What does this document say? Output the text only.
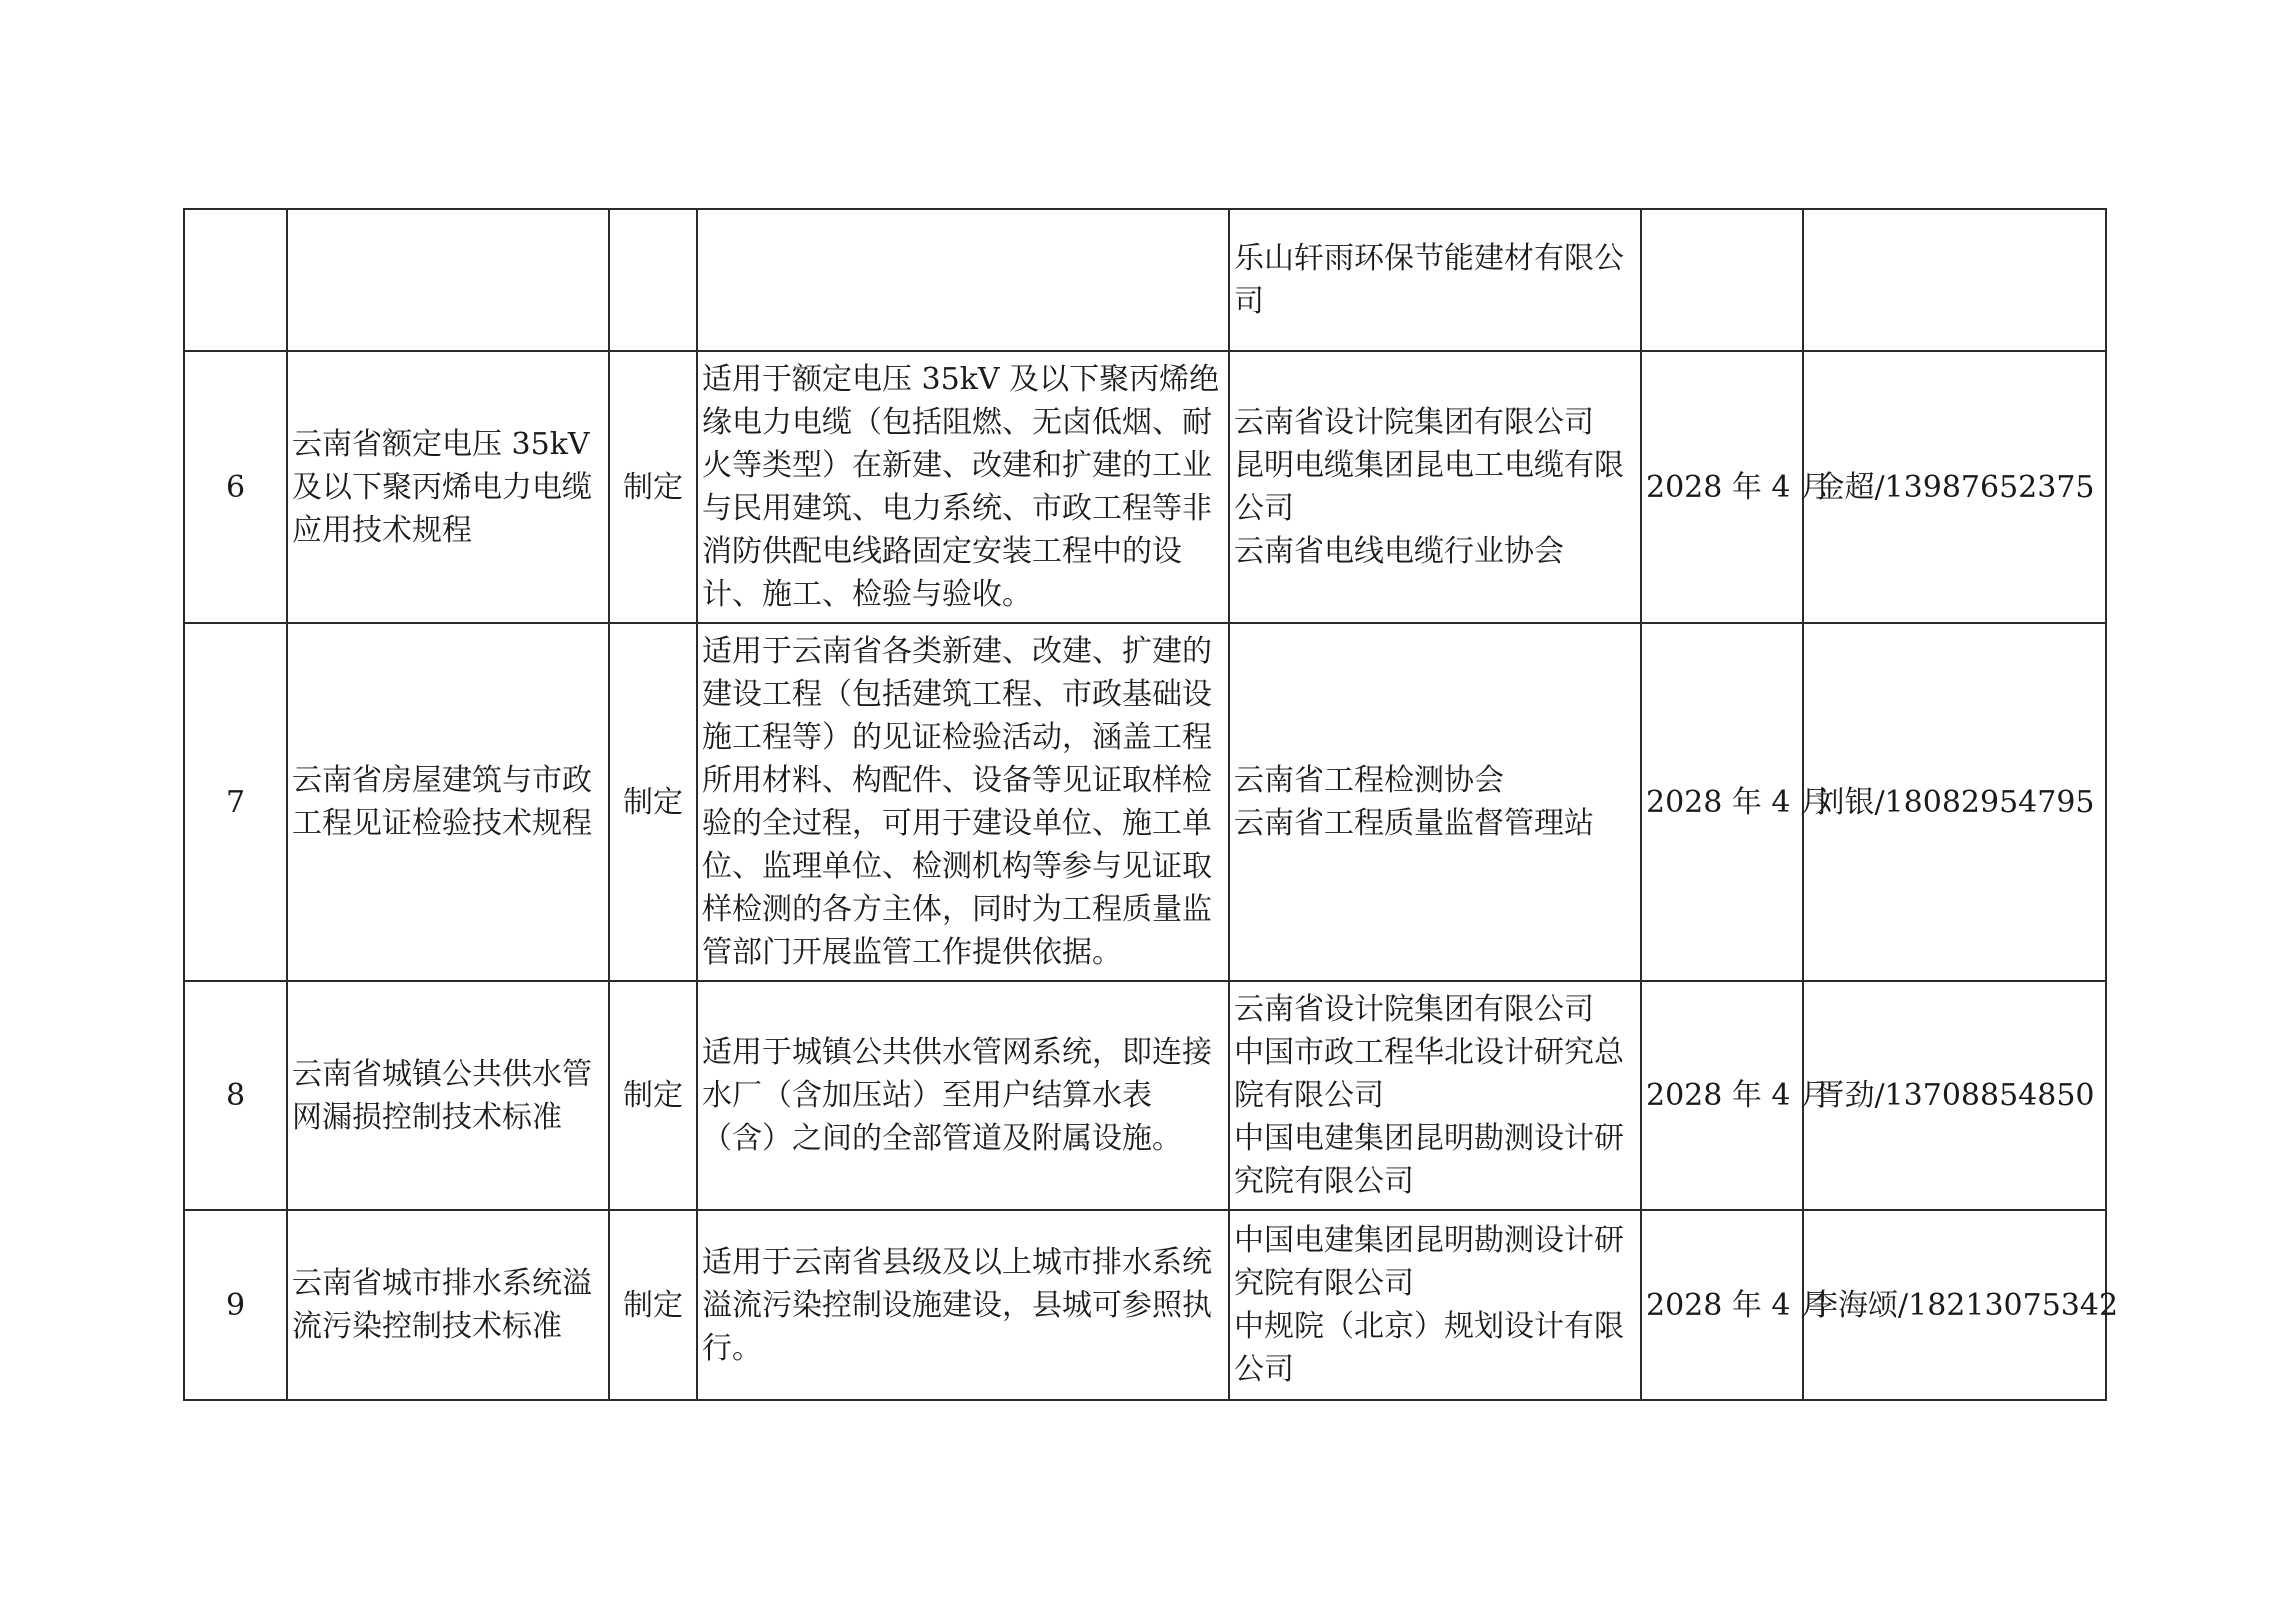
				乐山轩雨环保节能建材有限公司		

6	云南省额定电压 35kV 及以下聚丙烯电力电缆应用技术规程	制定	适用于额定电压 35kV 及以下聚丙烯绝缘电力电缆（包括阻燃、无卤低烟、耐火等类型）在新建、改建和扩建的工业与民用建筑、电力系统、市政工程等非消防供配电线路固定安装工程中的设计、施工、检验与验收。	云南省设计院集团有限公司
昆明电缆集团昆电工电缆有限公司
云南省电线电缆行业协会	2028 年 4 月	金超/13987652375
7	云南省房屋建筑与市政工程见证检验技术规程	制定	适用于云南省各类新建、改建、扩建的建设工程（包括建筑工程、市政基础设施工程等）的见证检验活动，涵盖工程所用材料、构配件、设备等见证取样检验的全过程，可用于建设单位、施工单位、监理单位、检测机构等参与见证取样检测的各方主体，同时为工程质量监管部门开展监管工作提供依据。	云南省工程检测协会
云南省工程质量监督管理站	2028 年 4 月	刘银/18082954795
8	云南省城镇公共供水管网漏损控制技术标准	制定	适用于城镇公共供水管网系统，即连接水厂（含加压站）至用户结算水表（含）之间的全部管道及附属设施。	云南省设计院集团有限公司
中国市政工程华北设计研究总院有限公司
中国电建集团昆明勘测设计研究院有限公司	2028 年 4 月	胥劲/13708854850
9	云南省城市排水系统溢流污染控制技术标准	制定	适用于云南省县级及以上城市排水系统溢流污染控制设施建设，县城可参照执行。	中国电建集团昆明勘测设计研究院有限公司
中规院（北京）规划设计有限公司	2028 年 4 月	李海颂/18213075342
